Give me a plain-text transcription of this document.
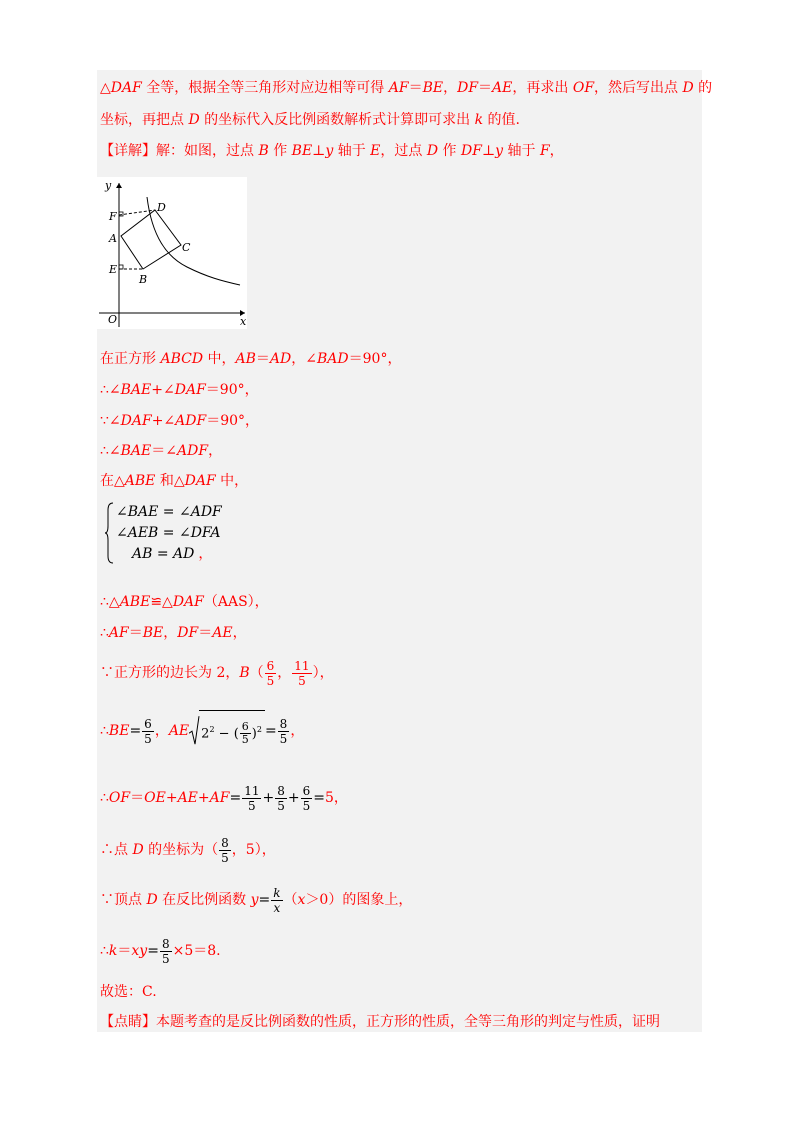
△DAF 全等，根据全等三角形对应边相等可得 AF＝BE，DF＝AE，再求出 OF，然后写出点 D 的
坐标，再把点 D 的坐标代入反比例函数解析式计算即可求出 k 的值.
【详解】解：如图，过点 B 作 BE⊥y 轴于 E，过点 D 作 DF⊥y 轴于 F，
y
x
O
F
A
E
B
C
D
在正方形 ABCD 中，AB＝AD，∠BAD＝90°，
∴∠BAE+∠DAF＝90°，
∵∠DAF+∠ADF＝90°，
∴∠BAE＝∠ADF，
在△ABE 和△DAF 中，
∠BAE = ∠ADF
∠AEB = ∠DFA
AB = AD ，
∴△ABE≌△DAF（AAS），
∴AF＝BE，DF＝AE，
∵正方形的边长为 2，$B( \frac{6}{5}$ ， $\frac{11}{5}$ ），
∴BE= $\frac{6}{5}$ ，AE $2^2$ − ( $\frac{6}{5} )^2 = \frac{8}{5}$ ，
∴OF＝OE+AE+AF= $\frac{11}{5} + \frac{8}{5} + \frac{6}{5} =5$，
∴点 D 的坐标为（ $\frac{8}{5}$ ，5），
∵顶点 D 在反比例函数 $y= \frac{k}{x} (x>0)$的图象上，
∴k＝xy= $\frac{8}{5} \times 5=8$.
故选：C.
【点睛】本题考查的是反比例函数的性质，正方形的性质，全等三角形的判定与性质，证明
